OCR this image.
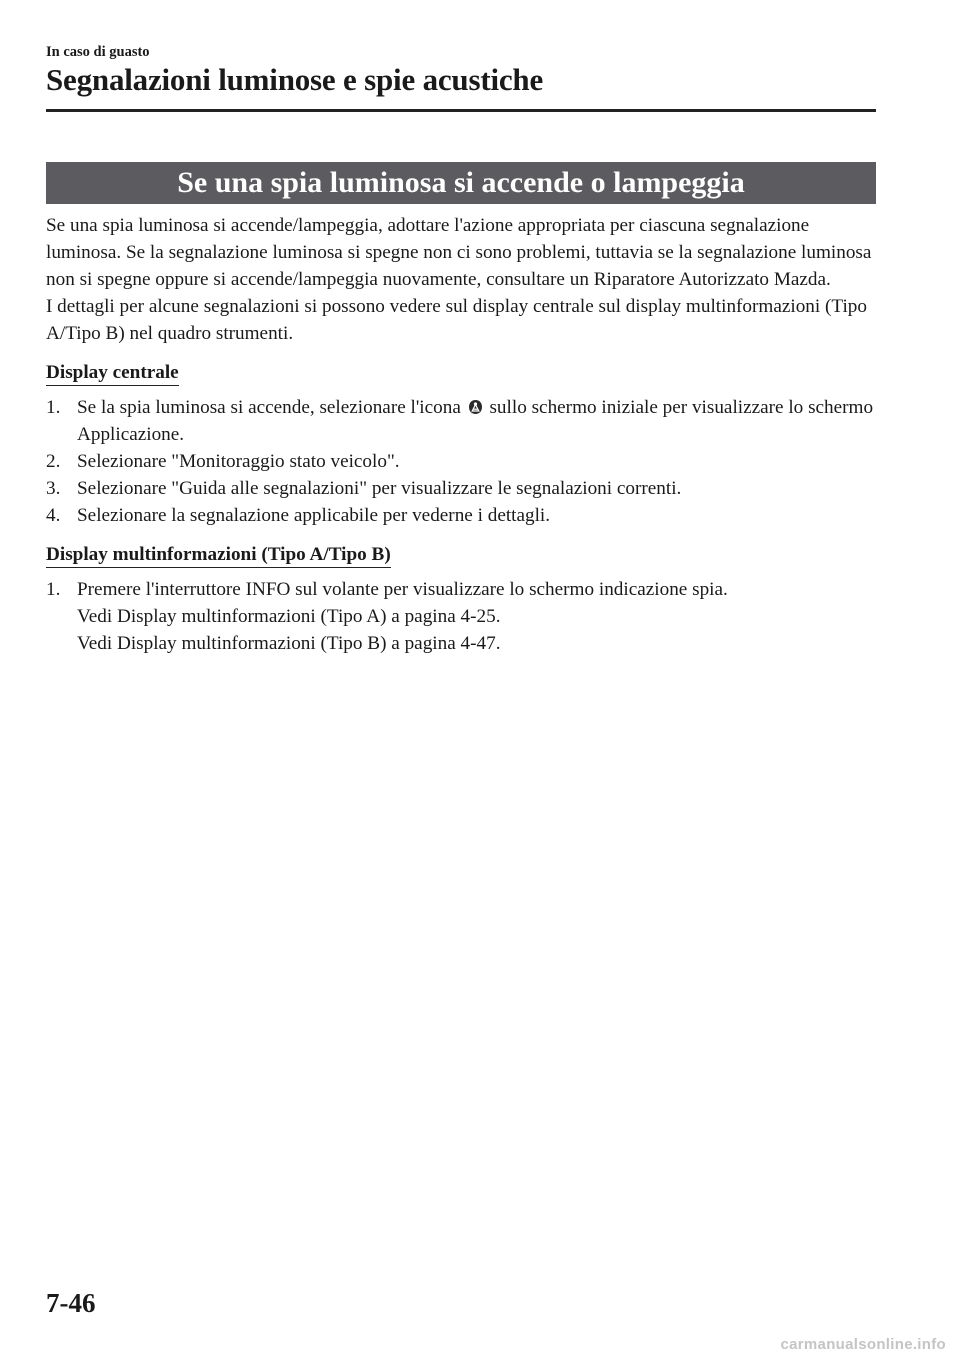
In caso di guasto
Segnalazioni luminose e spie acustiche
Se una spia luminosa si accende o lampeggia

Se una spia luminosa si accende/lampeggia, adottare l'azione appropriata per ciascuna segnalazione luminosa. Se la segnalazione luminosa si spegne non ci sono problemi, tuttavia se la segnalazione luminosa non si spegne oppure si accende/lampeggia nuovamente, consultare un Riparatore Autorizzato Mazda.

I dettagli per alcune segnalazioni si possono vedere sul display centrale sul display multinformazioni (Tipo A/Tipo B) nel quadro strumenti.

Display centrale
1. Se la spia luminosa si accende, selezionare l'icona sullo schermo iniziale per visualizzare lo schermo Applicazione.
2. Selezionare "Monitoraggio stato veicolo".
3. Selezionare "Guida alle segnalazioni" per visualizzare le segnalazioni correnti.
4. Selezionare la segnalazione applicabile per vederne i dettagli.
Display multinformazioni (Tipo A/Tipo B)
1. Premere l'interruttore INFO sul volante per visualizzare lo schermo indicazione spia.
Vedi Display multinformazioni (Tipo A) a pagina 4-25.
Vedi Display multinformazioni (Tipo B) a pagina 4-47.
7-46
carmanualsonline.info
